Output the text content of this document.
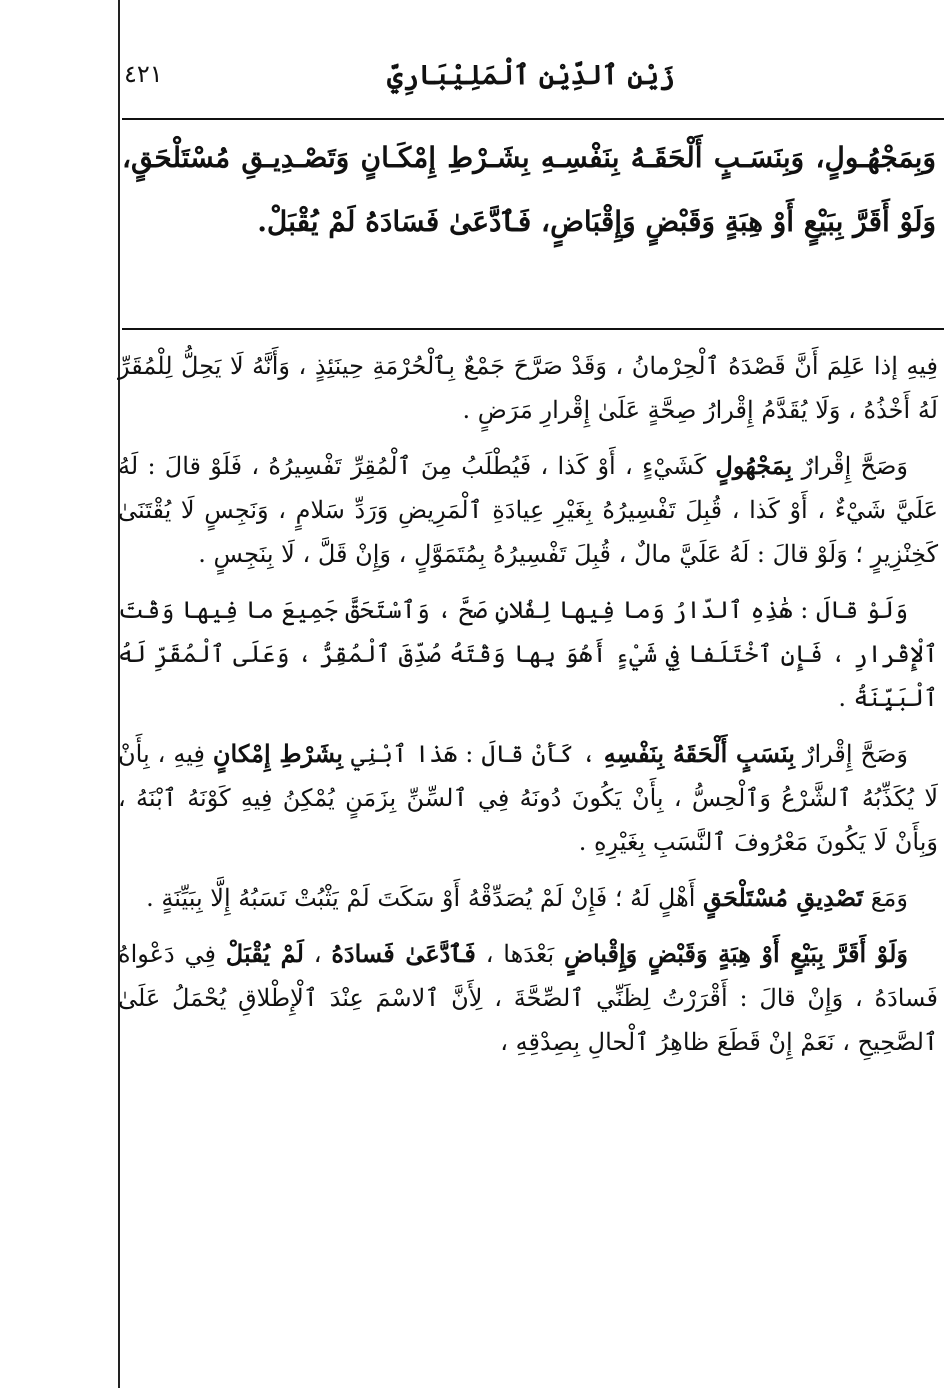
زَيْن ٱلدِّيْن ٱلْمَلِيْبَارِيّ
٤٢١

وَبِمَجْهُـولٍ، وَبِنَسَـبٍ أَلْحَقَـهُ بِنَفْسِـهِ بِشَـرْطِ إِمْكَـانٍ وَتَصْـدِيـقِ مُسْتَلْحَقٍ، وَلَوْ أَقَرَّ بِبَيْعٍ أَوْ هِبَةٍ وَقَبْضٍ وَإِقْبَاضٍ، فَٱدَّعَىٰ فَسَادَهُ لَمْ يُقْبَلْ.

فِيهِ إذا عَلِمَ أَنَّ قَصْدَهُ ٱلْحِرْمانُ ، وَقَدْ صَرَّحَ جَمْعٌ بِٱلْحُرْمَةِ حِينَئِذٍ ، وَأَنَّهُ لَا يَحِلُّ لِلْمُقَرِّ لَهُ أَخْذُهُ ، وَلَا يُقَدَّمُ إِقْرارُ صِحَّةٍ عَلَىٰ إِقْرارِ مَرَضٍ .

وَصَحَّ إِقْرارٌ بِمَجْهُولٍ كَشَيْءٍ ، أَوْ كَذا ، فَيُطْلَبُ مِنَ ٱلْمُقِرِّ تَفْسِيرُهُ ، فَلَوْ قالَ : لَهُ عَلَيَّ شَيْءٌ ، أَوْ كَذا ، قُبِلَ تَفْسِيرُهُ بِغَيْرِ عِيادَةِ ٱلْمَرِيضِ وَرَدِّ سَلامٍ ، وَنَجِسٍ لَا يُقْتَنَىٰ كَخِنْزِيرٍ ؛ وَلَوْ قالَ : لَهُ عَلَيَّ مالٌ ، قُبِلَ تَفْسِيرُهُ بِمُتَمَوَّلٍ ، وَإِنْ قَلَّ ، لَا بِنَجِسٍ .

وَلَوْ قالَ : هَٰذِهِ ٱلدّارُ وَما فِيها لِفُلانٍ صَحَّ ، وَٱسْتَحَقَّ جَمِيعَ ما فِيها وَقْتَ ٱلْإِقْرارِ ، فَإِنِ ٱخْتَلَفا فِي شَيْءٍ أَهُوَ بِها وَقْتَهُ صُدِّقَ ٱلْمُقِرُّ ، وَعَلَى ٱلْمُقَرِّ لَهُ ٱلْبَيِّنَةُ .

وَصَحَّ إِقْرارٌ بِنَسَبٍ أَلْحَقَهُ بِنَفْسِهِ ، كَأَنْ قالَ : هَذا ٱبْنِي بِشَرْطِ إِمْكانٍ فِيهِ ، بِأَنْ لَا يُكَذِّبُهُ ٱلشَّرْعُ وَٱلْحِسُّ ، بِأَنْ يَكُونَ دُونَهُ فِي ٱلسِّنِّ بِزَمَنٍ يُمْكِنُ فِيهِ كَوْنَهُ ٱبْنَهُ ، وَبِأَنْ لَا يَكُونَ مَعْرُوفَ ٱلنَّسَبِ بِغَيْرِهِ .

وَمَعَ تَصْدِيقِ مُسْتَلْحَقٍ أَهْلٍ لَهُ ؛ فَإِنْ لَمْ يُصَدِّقْهُ أَوْ سَكَتَ لَمْ يَثْبُتْ نَسَبُهُ إِلَّا بِبَيِّنَةٍ .

وَلَوْ أَقَرَّ بِبَيْعٍ أَوْ هِبَةٍ وَقَبْضٍ وَإِقْباضٍ بَعْدَها ، فَٱدَّعَىٰ فَسادَهُ ، لَمْ يُقْبَلْ فِي دَعْواهُ فَسادَهُ ، وَإِنْ قالَ : أَقْرَرْتُ لِظَنِّي ٱلصِّحَّةَ ، لِأَنَّ ٱلاسْمَ عِنْدَ ٱلْإِطْلاقِ يُحْمَلُ عَلَىٰ ٱلصَّحِيحِ ، نَعَمْ إِنْ قَطَعَ ظاهِرُ ٱلْحالِ بِصِدْقِهِ ،
